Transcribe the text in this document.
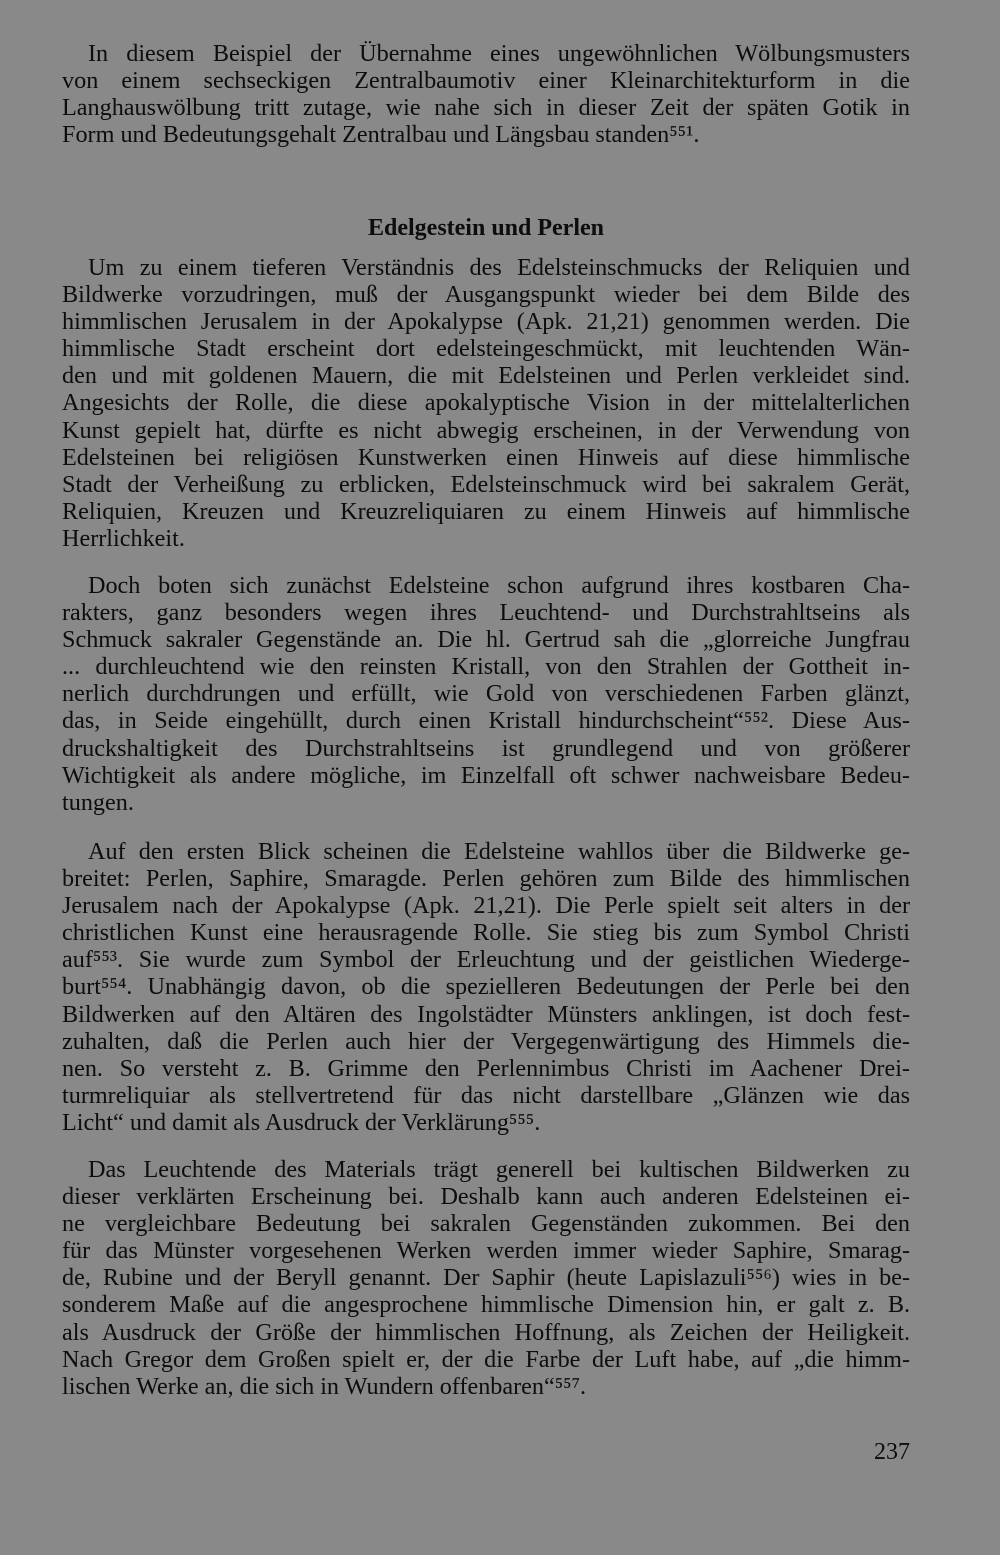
In diesem Beispiel der Übernahme eines ungewöhnlichen Wölbungsmusters
von einem sechseckigen Zentralbaumotiv einer Kleinarchitekturform in die
Langhauswölbung tritt zutage, wie nahe sich in dieser Zeit der späten Gotik in
Form und Bedeutungsgehalt Zentralbau und Längsbau standen⁵⁵¹.
Edelgestein und Perlen
Um zu einem tieferen Verständnis des Edelsteinschmucks der Reliquien und
Bildwerke vorzudringen, muß der Ausgangspunkt wieder bei dem Bilde des
himmlischen Jerusalem in der Apokalypse (Apk. 21,21) genommen werden. Die
himmlische Stadt erscheint dort edelsteingeschmückt, mit leuchtenden Wän-
den und mit goldenen Mauern, die mit Edelsteinen und Perlen verkleidet sind.
Angesichts der Rolle, die diese apokalyptische Vision in der mittelalterlichen
Kunst gepielt hat, dürfte es nicht abwegig erscheinen, in der Verwendung von
Edelsteinen bei religiösen Kunstwerken einen Hinweis auf diese himmlische
Stadt der Verheißung zu erblicken, Edelsteinschmuck wird bei sakralem Gerät,
Reliquien, Kreuzen und Kreuzreliquiaren zu einem Hinweis auf himmlische
Herrlichkeit.
Doch boten sich zunächst Edelsteine schon aufgrund ihres kostbaren Cha-
rakters, ganz besonders wegen ihres Leuchtend- und Durchstrahltseins als
Schmuck sakraler Gegenstände an. Die hl. Gertrud sah die „glorreiche Jungfrau
... durchleuchtend wie den reinsten Kristall, von den Strahlen der Gottheit in-
nerlich durchdrungen und erfüllt, wie Gold von verschiedenen Farben glänzt,
das, in Seide eingehüllt, durch einen Kristall hindurchscheint“⁵⁵². Diese Aus-
druckshaltigkeit des Durchstrahltseins ist grundlegend und von größerer
Wichtigkeit als andere mögliche, im Einzelfall oft schwer nachweisbare Bedeu-
tungen.
Auf den ersten Blick scheinen die Edelsteine wahllos über die Bildwerke ge-
breitet: Perlen, Saphire, Smaragde. Perlen gehören zum Bilde des himmlischen
Jerusalem nach der Apokalypse (Apk. 21,21). Die Perle spielt seit alters in der
christlichen Kunst eine herausragende Rolle. Sie stieg bis zum Symbol Christi
auf⁵⁵³. Sie wurde zum Symbol der Erleuchtung und der geistlichen Wiederge-
burt⁵⁵⁴. Unabhängig davon, ob die spezielleren Bedeutungen der Perle bei den
Bildwerken auf den Altären des Ingolstädter Münsters anklingen, ist doch fest-
zuhalten, daß die Perlen auch hier der Vergegenwärtigung des Himmels die-
nen. So versteht z. B. Grimme den Perlennimbus Christi im Aachener Drei-
turmreliquiar als stellvertretend für das nicht darstellbare „Glänzen wie das
Licht“ und damit als Ausdruck der Verklärung⁵⁵⁵.
Das Leuchtende des Materials trägt generell bei kultischen Bildwerken zu
dieser verklärten Erscheinung bei. Deshalb kann auch anderen Edelsteinen ei-
ne vergleichbare Bedeutung bei sakralen Gegenständen zukommen. Bei den
für das Münster vorgesehenen Werken werden immer wieder Saphire, Smarag-
de, Rubine und der Beryll genannt. Der Saphir (heute Lapislazuli⁵⁵⁶) wies in be-
sonderem Maße auf die angesprochene himmlische Dimension hin, er galt z. B.
als Ausdruck der Größe der himmlischen Hoffnung, als Zeichen der Heiligkeit.
Nach Gregor dem Großen spielt er, der die Farbe der Luft habe, auf „die himm-
lischen Werke an, die sich in Wundern offenbaren“⁵⁵⁷.
237
